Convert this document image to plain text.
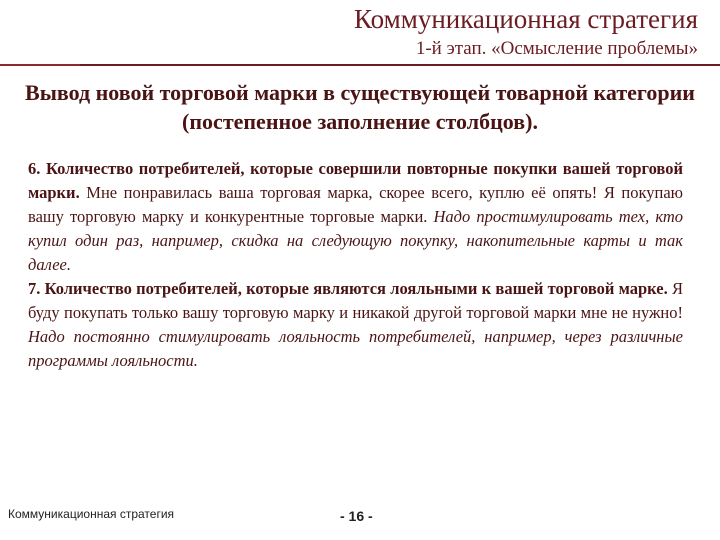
Коммуникационная стратегия
1-й этап. «Осмысление проблемы»
Вывод новой торговой марки в существующей товарной категории (постепенное заполнение столбцов).

6. Количество потребителей, которые совершили повторные покупки вашей торговой марки. Мне понравилась ваша торговая марка, скорее всего, куплю её опять! Я покупаю вашу торговую марку и конкурентные торговые марки. Надо простимулировать тех, кто купил один раз, например, скидка на следующую покупку, накопительные карты и так далее.

7. Количество потребителей, которые являются лояльными к вашей торговой марке. Я буду покупать только вашу торговую марку и никакой другой торговой марки мне не нужно! Надо постоянно стимулировать лояльность потребителей, например, через различные программы лояльности.

Коммуникационная стратегия	- 16 -
